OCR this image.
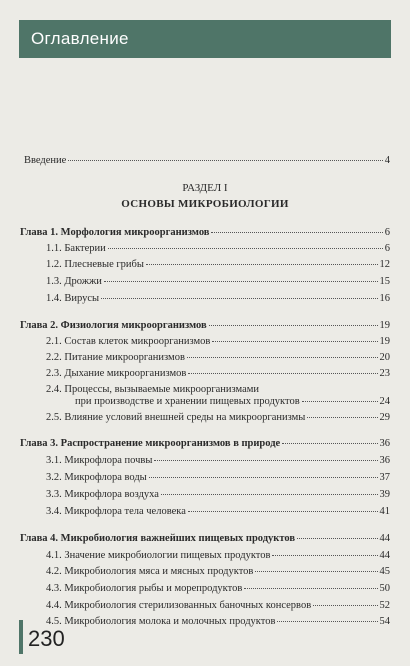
Оглавление
Введение	4
РАЗДЕЛ I
ОСНОВЫ МИКРОБИОЛОГИИ
Глава 1. Морфология микроорганизмов	6
1.1. Бактерии	6
1.2. Плесневые грибы	12
1.3. Дрожжи	15
1.4. Вирусы	16
Глава 2. Физиология микроорганизмов	19
2.1. Состав клеток микроорганизмов	19
2.2. Питание микроорганизмов	20
2.3. Дыхание микроорганизмов	23
2.4. Процессы, вызываемые микроорганизмами
при производстве и хранении пищевых продуктов	24
2.5. Влияние условий внешней среды на микроорганизмы	29
Глава 3. Распространение микроорганизмов в природе	36
3.1. Микрофлора почвы	36
3.2. Микрофлора воды	37
3.3. Микрофлора воздуха	39
3.4. Микрофлора тела человека	41
Глава 4. Микробиология важнейших пищевых продуктов	44
4.1. Значение микробиологии пищевых продуктов	44
4.2. Микробиология мяса и мясных продуктов	45
4.3. Микробиология рыбы и морепродуктов	50
4.4. Микробиология стерилизованных баночных консервов	52
4.5. Микробиология молока и молочных продуктов	54
230
